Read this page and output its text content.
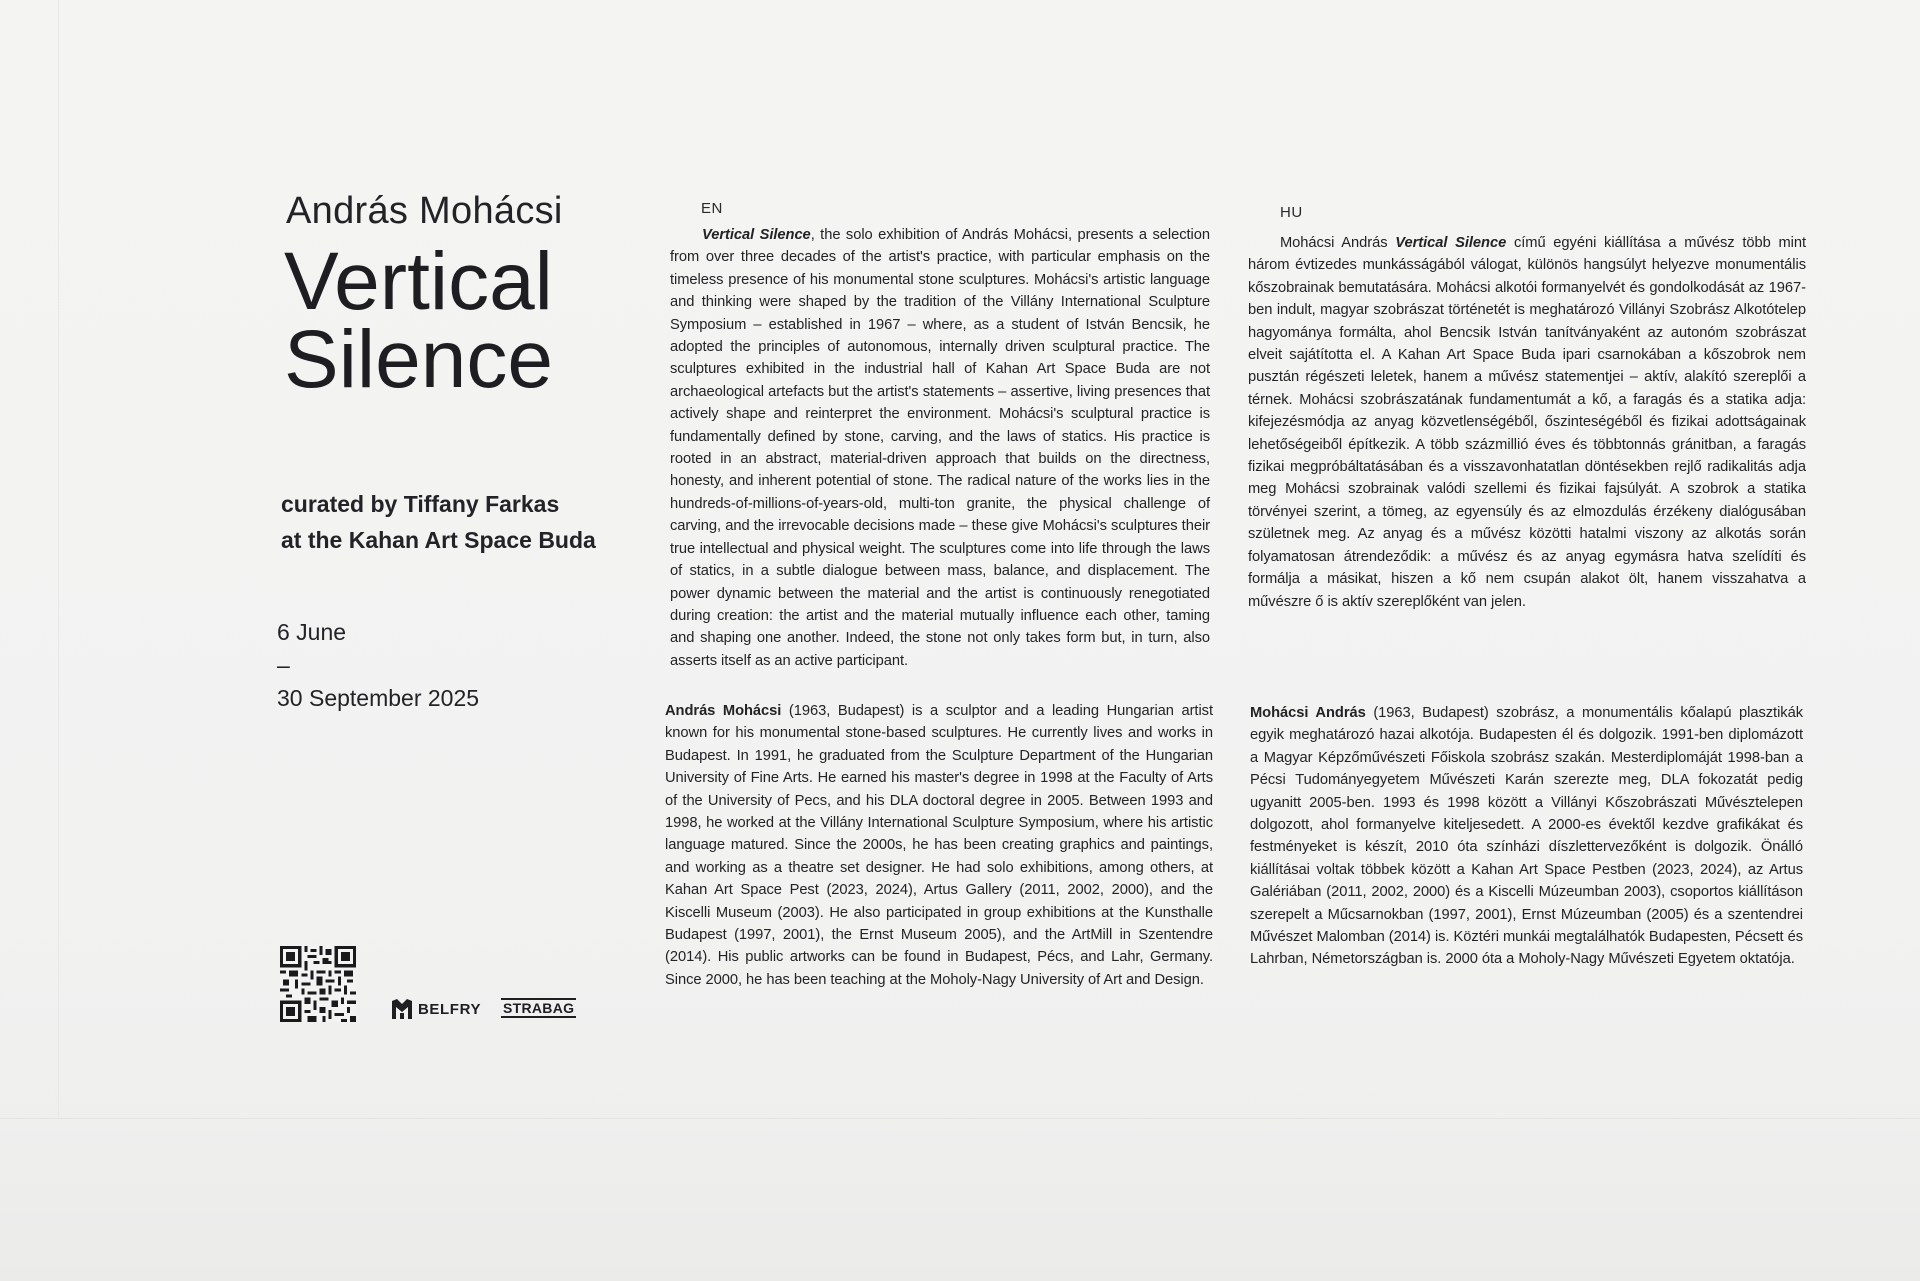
András Mohácsi
Vertical
Silence
curated by Tiffany Farkas
at the Kahan Art Space Buda
6 June
–
30 September 2025
BELFRY STRABAG
EN

Vertical Silence, the solo exhibition of András Mohácsi, presents a selection from over three decades of the artist's practice, with particular emphasis on the timeless presence of his monumental stone sculptures. Mohácsi's artistic language and thinking were shaped by the tradition of the Villány International Sculpture Symposium – established in 1967 – where, as a student of István Bencsik, he adopted the principles of autonomous, internally driven sculptural practice. The sculptures exhibited in the industrial hall of Kahan Art Space Buda are not archaeological artefacts but the artist's statements – assertive, living presences that actively shape and reinterpret the environment. Mohácsi's sculptural practice is fundamentally defined by stone, carving, and the laws of statics. His practice is rooted in an abstract, material-driven approach that builds on the directness, honesty, and inherent potential of stone. The radical nature of the works lies in the hundreds-of-millions-of-years-old, multi-ton granite, the physical challenge of carving, and the irrevocable decisions made – these give Mohácsi's sculptures their true intellectual and physical weight. The sculptures come into life through the laws of statics, in a subtle dialogue between mass, balance, and displacement. The power dynamic between the material and the artist is continuously renegotiated during creation: the artist and the material mutually influence each other, taming and shaping one another. Indeed, the stone not only takes form but, in turn, also asserts itself as an active participant.

András Mohácsi (1963, Budapest) is a sculptor and a leading Hungarian artist known for his monumental stone-based sculptures. He currently lives and works in Budapest. In 1991, he graduated from the Sculpture Department of the Hungarian University of Fine Arts. He earned his master's degree in 1998 at the Faculty of Arts of the University of Pecs, and his DLA doctoral degree in 2005. Between 1993 and 1998, he worked at the Villány International Sculpture Symposium, where his artistic language matured. Since the 2000s, he has been creating graphics and paintings, and working as a theatre set designer. He had solo exhibitions, among others, at Kahan Art Space Pest (2023, 2024), Artus Gallery (2011, 2002, 2000), and the Kiscelli Museum (2003). He also participated in group exhibitions at the Kunsthalle Budapest (1997, 2001), the Ernst Museum 2005), and the ArtMill in Szentendre (2014). His public artworks can be found in Budapest, Pécs, and Lahr, Germany. Since 2000, he has been teaching at the Moholy-Nagy University of Art and Design.

HU

Mohácsi András Vertical Silence című egyéni kiállítása a művész több mint három évtizedes munkásságából válogat, különös hangsúlyt helyezve monumentális kőszobrainak bemutatására. Mohácsi alkotói formanyelvét és gondolkodását az 1967-ben indult, magyar szobrászat történetét is meghatározó Villányi Szobrász Alkotótelep hagyománya formálta, ahol Bencsik István tanítványaként az autonóm szobrászat elveit sajátította el. A Kahan Art Space Buda ipari csarnokában a kőszobrok nem pusztán régészeti leletek, hanem a művész statementjei – aktív, alakító szereplői a térnek. Mohácsi szobrászatának fundamentumát a kő, a faragás és a statika adja: kifejezésmódja az anyag közvetlenségéből, őszinteségéből és fizikai adottságainak lehetőségeiből építkezik. A több százmillió éves és többtonnás gránitban, a faragás fizikai megpróbáltatásában és a visszavonhatatlan döntésekben rejlő radikalitás adja meg Mohácsi szobrainak valódi szellemi és fizikai fajsúlyát. A szobrok a statika törvényei szerint, a tömeg, az egyensúly és az elmozdulás érzékeny dialógusában születnek meg. Az anyag és a művész közötti hatalmi viszony az alkotás során folyamatosan átrendeződik: a művész és az anyag egymásra hatva szelídíti és formálja a másikat, hiszen a kő nem csupán alakot ölt, hanem visszahatva a művészre ő is aktív szereplőként van jelen.

Mohácsi András (1963, Budapest) szobrász, a monumentális kőalapú plasztikák egyik meghatározó hazai alkotója. Budapesten él és dolgozik. 1991-ben diplomázott a Magyar Képzőművészeti Főiskola szobrász szakán. Mesterdiplomáját 1998-ban a Pécsi Tudományegyetem Művészeti Karán szerezte meg, DLA fokozatát pedig ugyanitt 2005-ben. 1993 és 1998 között a Villányi Kőszobrászati Művésztelepen dolgozott, ahol formanyelve kiteljesedett. A 2000-es évektől kezdve grafikákat és festményeket is készít, 2010 óta színházi díszlettervezőként is dolgozik. Önálló kiállításai voltak többek között a Kahan Art Space Pestben (2023, 2024), az Artus Galériában (2011, 2002, 2000) és a Kiscelli Múzeumban 2003), csoportos kiállításon szerepelt a Műcsarnokban (1997, 2001), Ernst Múzeumban (2005) és a szentendrei Művészet Malomban (2014) is. Köztéri munkái megtalálhatók Budapesten, Pécsett és Lahrban, Németországban is. 2000 óta a Moholy-Nagy Művészeti Egyetem oktatója.
